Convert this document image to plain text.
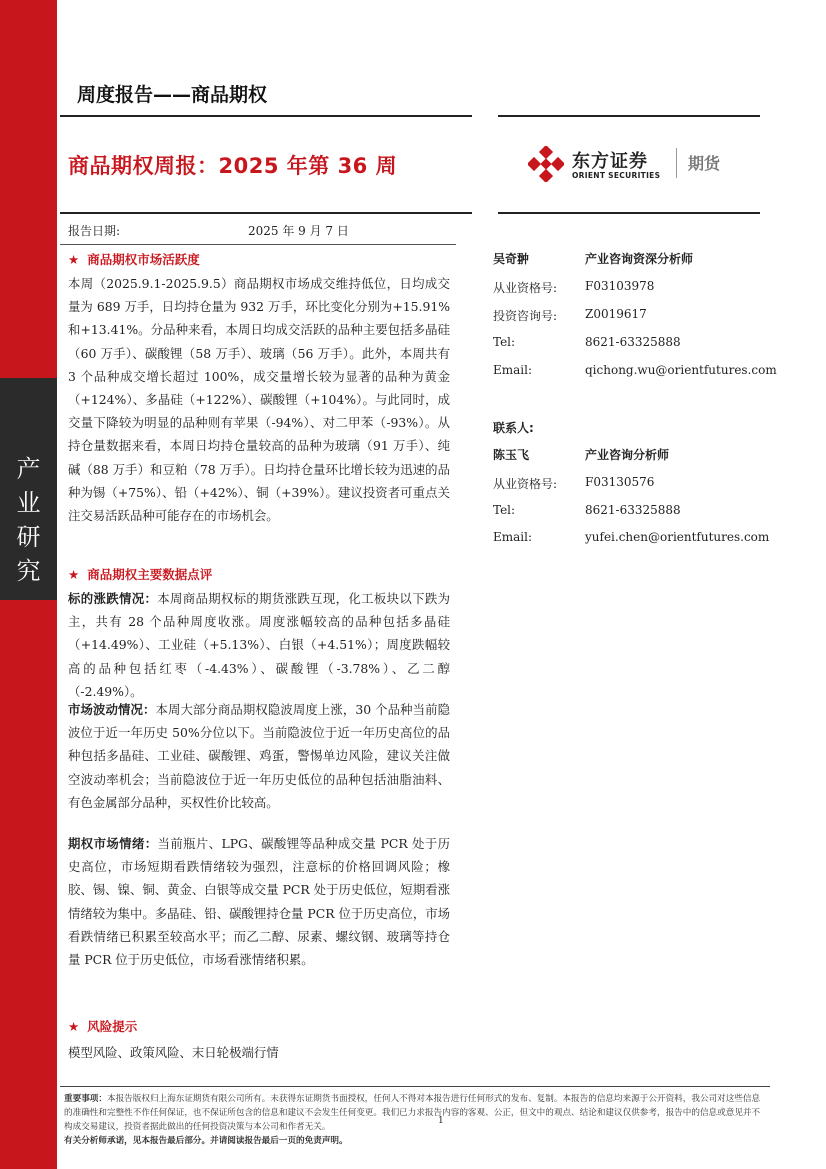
产
业
研
究
周度报告——商品期权
商品期权周报：2025 年第 36 周	东方证券
ORIENT SECURITIES
期货
报告日期:	2025 年 9 月 7 日
★ 商品期权市场活跃度
本周（2025.9.1-2025.9.5）商品期权市场成交维持低位，日均成交量为 689 万手，日均持仓量为 932 万手，环比变化分别为+15.91%和+13.41%。分品种来看，本周日均成交活跃的品种主要包括多晶硅（60 万手）、碳酸锂（58 万手）、玻璃（56 万手）。此外，本周共有 3 个品种成交增长超过 100%，成交量增长较为显著的品种为黄金（+124%）、多晶硅（+122%）、碳酸锂（+104%）。与此同时，成交量下降较为明显的品种则有苹果（-94%）、对二甲苯（-93%）。从持仓量数据来看，本周日均持仓量较高的品种为玻璃（91 万手）、纯碱（88 万手）和豆粕（78 万手）。日均持仓量环比增长较为迅速的品种为锡（+75%）、铅（+42%）、铜（+39%）。建议投资者可重点关注交易活跃品种可能存在的市场机会。
★ 商品期权主要数据点评
标的涨跌情况：本周商品期权标的期货涨跌互现，化工板块以下跌为主，共有 28 个品种周度收涨。周度涨幅较高的品种包括多晶硅（+14.49%）、工业硅（+5.13%）、白银（+4.51%）；周度跌幅较高的品种包括红枣（-4.43%）、碳酸锂（-3.78%）、乙二醇（-2.49%）。
市场波动情况：本周大部分商品期权隐波周度上涨，30 个品种当前隐波位于近一年历史 50%分位以下。当前隐波位于近一年历史高位的品种包括多晶硅、工业硅、碳酸锂、鸡蛋，警惕单边风险，建议关注做空波动率机会；当前隐波位于近一年历史低位的品种包括油脂油料、有色金属部分品种，买权性价比较高。
期权市场情绪：当前瓶片、LPG、碳酸锂等品种成交量 PCR 处于历史高位，市场短期看跌情绪较为强烈，注意标的价格回调风险；橡胶、锡、镍、铜、黄金、白银等成交量 PCR 处于历史低位，短期看涨情绪较为集中。多晶硅、铅、碳酸锂持仓量 PCR 位于历史高位，市场看跌情绪已积累至较高水平；而乙二醇、尿素、螺纹钢、玻璃等持仓量 PCR 位于历史低位，市场看涨情绪积累。
★ 风险提示
模型风险、政策风险、末日轮极端行情
吴奇翀	产业咨询资深分析师
从业资格号: F03103978
投资咨询号: Z0019617
Tel:	8621-63325888
Email:	qichong.wu@orientfutures.com
联系人:
陈玉飞	产业咨询分析师
从业资格号: F03130576
Tel:	8621-63325888
Email:	yufei.chen@orientfutures.com
重要事项：本报告版权归上海东证期货有限公司所有。未获得东证期货书面授权，任何人不得对本报告进行任何形式的发布、复制。本报告的信息均来源于公开资料，我公司对这些信息的准确性和完整性不作任何保证，也不保证所包含的信息和建议不会发生任何变更。我们已力求报告内容的客观、公正，但文中的观点、结论和建议仅供参考，报告中的信息或意见并不构成交易建议，投资者据此做出的任何投资决策与本公司和作者无关。
有关分析师承诺，见本报告最后部分。并请阅读报告最后一页的免责声明。
1
